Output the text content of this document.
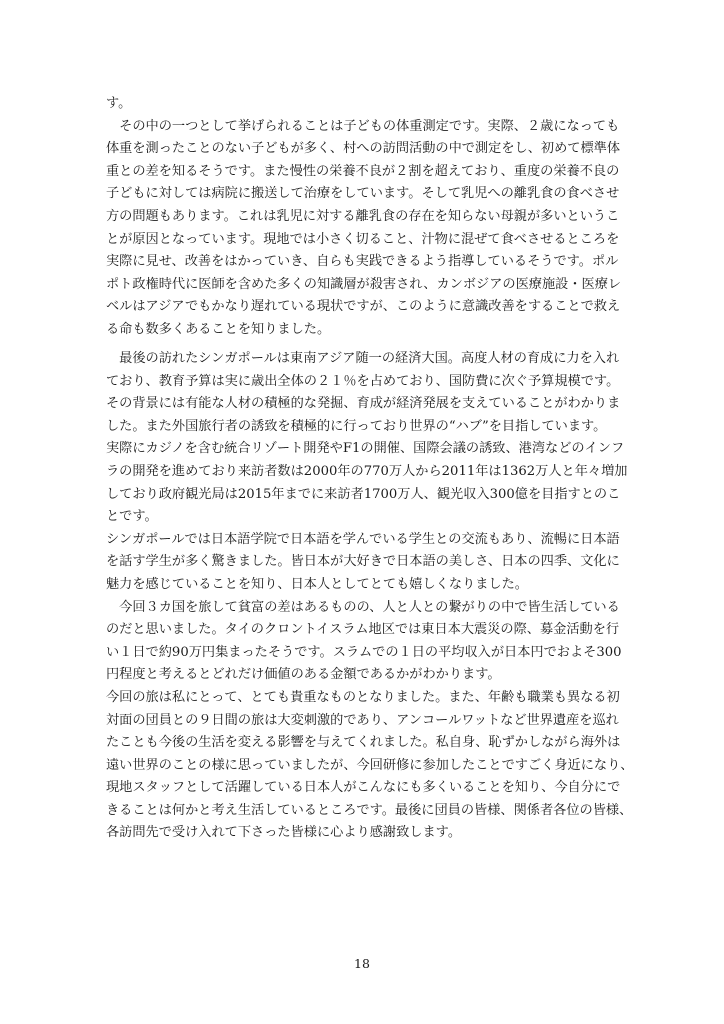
す。
　その中の一つとして挙げられることは子どもの体重測定です。実際、２歳になっても
体重を測ったことのない子どもが多く、村への訪問活動の中で測定をし、初めて標準体
重との差を知るそうです。また慢性の栄養不良が２割を超えており、重度の栄養不良の
子どもに対しては病院に搬送して治療をしています。そして乳児への離乳食の食べさせ
方の問題もあります。これは乳児に対する離乳食の存在を知らない母親が多いというこ
とが原因となっています。現地では小さく切ること、汁物に混ぜて食べさせるところを
実際に見せ、改善をはかっていき、自らも実践できるよう指導しているそうです。ポル
ポト政権時代に医師を含めた多くの知識層が殺害され、カンボジアの医療施設・医療レ
ベルはアジアでもかなり遅れている現状ですが、このように意識改善をすることで救え
る命も数多くあることを知りました。
　最後の訪れたシンガポールは東南アジア随一の経済大国。高度人材の育成に力を入れ
ており、教育予算は実に歳出全体の２１％を占めており、国防費に次ぐ予算規模です。
その背景には有能な人材の積極的な発掘、育成が経済発展を支えていることがわかりま
した。また外国旅行者の誘致を積極的に行っており世界の“ハブ”を目指しています。
実際にカジノを含む統合リゾート開発やF1の開催、国際会議の誘致、港湾などのインフ
ラの開発を進めており来訪者数は2000年の770万人から2011年は1362万人と年々増加
しており政府観光局は2015年までに来訪者1700万人、観光収入300億を目指すとのこ
とです。
シンガポールでは日本語学院で日本語を学んでいる学生との交流もあり、流暢に日本語
を話す学生が多く驚きました。皆日本が大好きで日本語の美しさ、日本の四季、文化に
魅力を感じていることを知り、日本人としてとても嬉しくなりました。
　今回３カ国を旅して貧富の差はあるものの、人と人との繋がりの中で皆生活している
のだと思いました。タイのクロントイスラム地区では東日本大震災の際、募金活動を行
い１日で約90万円集まったそうです。スラムでの１日の平均収入が日本円でおよそ300
円程度と考えるとどれだけ価値のある金額であるかがわかります。
今回の旅は私にとって、とても貴重なものとなりました。また、年齢も職業も異なる初
対面の団員との９日間の旅は大変刺激的であり、アンコールワットなど世界遺産を巡れ
たことも今後の生活を変える影響を与えてくれました。私自身、恥ずかしながら海外は
遠い世界のことの様に思っていましたが、今回研修に参加したことですごく身近になり、
現地スタッフとして活躍している日本人がこんなにも多くいることを知り、今自分にで
きることは何かと考え生活しているところです。最後に団員の皆様、関係者各位の皆様、
各訪問先で受け入れて下さった皆様に心より感謝致します。
18
